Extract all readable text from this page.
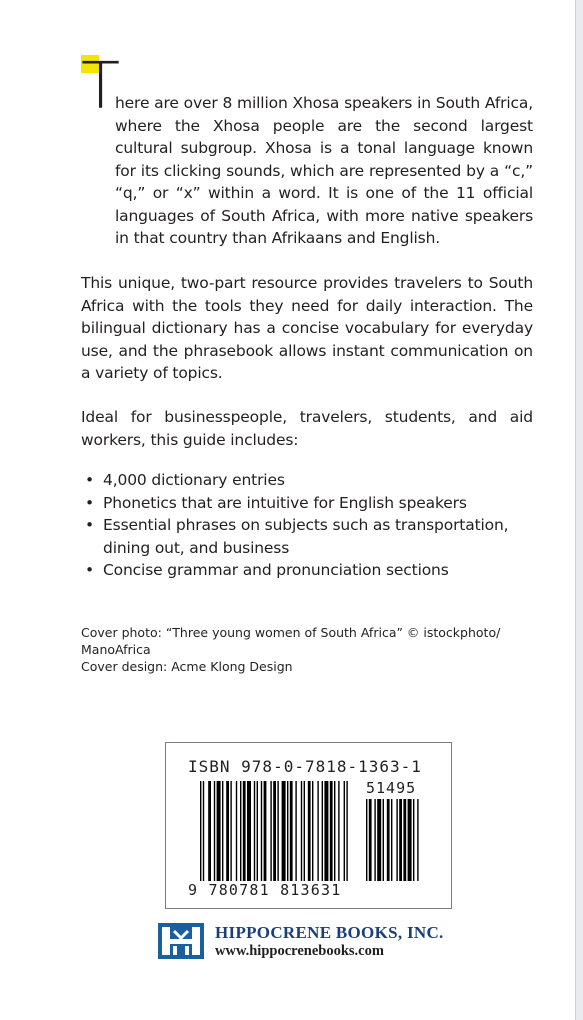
T
here are over 8 million Xhosa speakers in South Africa, where the Xhosa people are the second largest cultural subgroup. Xhosa is a tonal language known for its clicking sounds, which are represented by a “c,” “q,” or “x” within a word. It is one of the 11 official languages of South Africa, with more native speakers in that country than Afrikaans and English.
This unique, two-part resource provides travelers to South Africa with the tools they need for daily interaction. The bilingual dictionary has a concise vocabulary for everyday use, and the phrasebook allows instant communication on a variety of topics.
Ideal for businesspeople, travelers, students, and aid workers, this guide includes:
• 4,000 dictionary entries
• Phonetics that are intuitive for English speakers
• Essential phrases on subjects such as transportation, dining out, and business
• Concise grammar and pronunciation sections
Cover photo: “Three young women of South Africa” © istockphoto/ ManoAfrica
Cover design: Acme Klong Design
ISBN 978-0-7818-1363-1
51495
9 780781 813631
HIPPOCRENE BOOKS, INC.
www.hippocrenebooks.com
